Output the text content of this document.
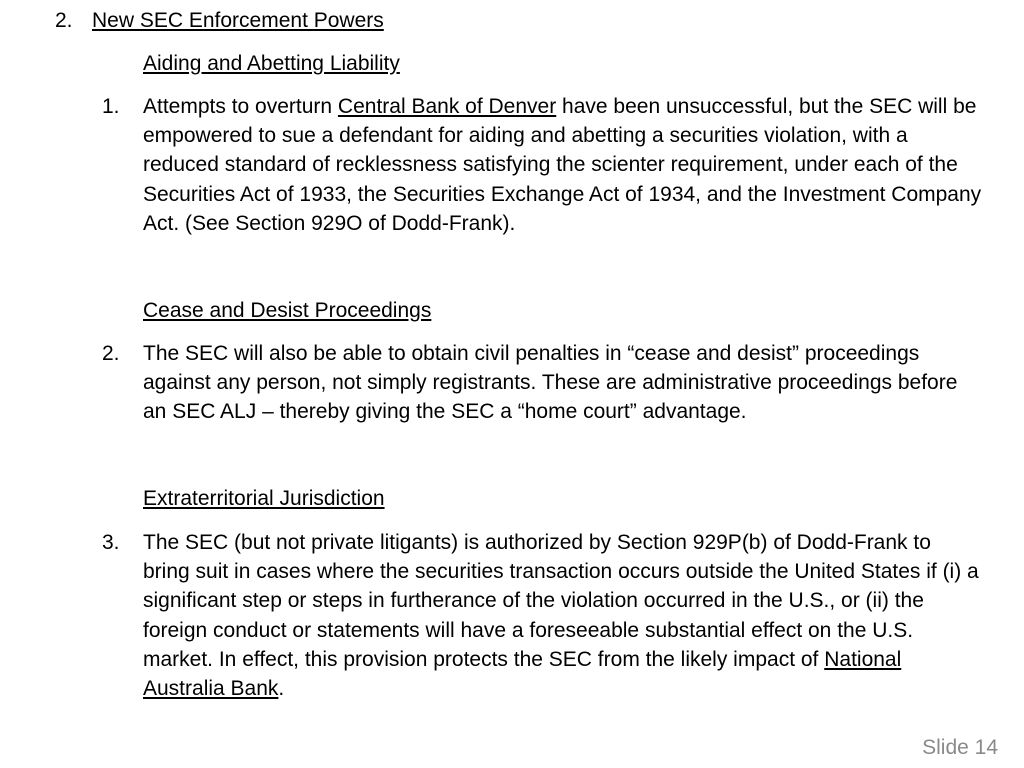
2. New SEC Enforcement Powers
Aiding and Abetting Liability
1. Attempts to overturn Central Bank of Denver have been unsuccessful, but the SEC will be empowered to sue a defendant for aiding and abetting a securities violation, with a reduced standard of recklessness satisfying the scienter requirement, under each of the Securities Act of 1933, the Securities Exchange Act of 1934, and the Investment Company Act. (See Section 929O of Dodd-Frank).
Cease and Desist Proceedings
2. The SEC will also be able to obtain civil penalties in “cease and desist” proceedings against any person, not simply registrants. These are administrative proceedings before an SEC ALJ – thereby giving the SEC a “home court” advantage.
Extraterritorial Jurisdiction
3. The SEC (but not private litigants) is authorized by Section 929P(b) of Dodd-Frank to bring suit in cases where the securities transaction occurs outside the United States if (i) a significant step or steps in furtherance of the violation occurred in the U.S., or (ii) the foreign conduct or statements will have a foreseeable substantial effect on the U.S. market. In effect, this provision protects the SEC from the likely impact of National Australia Bank.
Slide 14
